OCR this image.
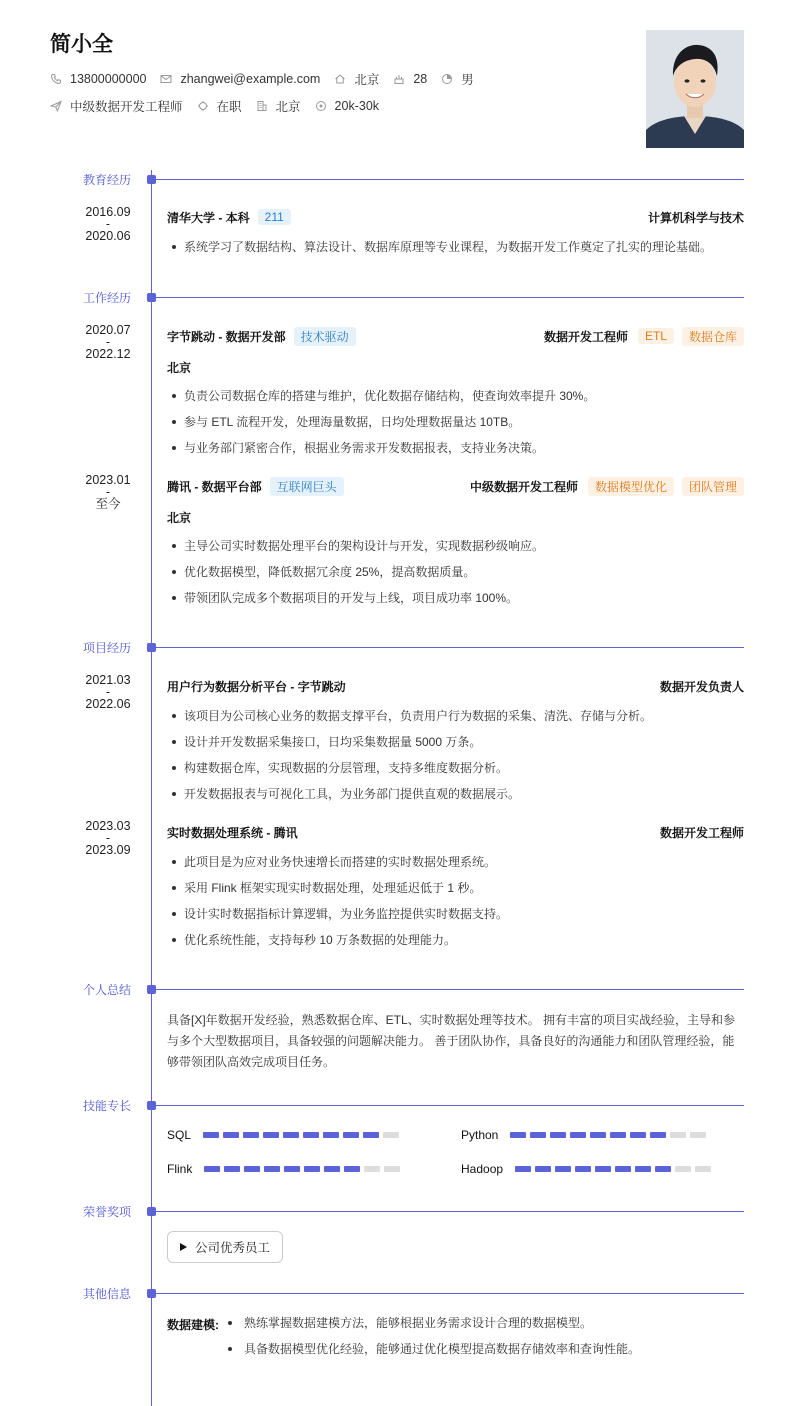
简小全
13800000000	zhangwei@example.com	北京	28	男
中级数据开发工程师	在职	北京	20k-30k
教育经历
2016.09
-
2020.06
清华大学 - 本科	211	计算机科学与技术
系统学习了数据结构、算法设计、数据库原理等专业课程，为数据开发工作奠定了扎实的理论基础。
工作经历
2020.07
-
2022.12
字节跳动 - 数据开发部	技术驱动	数据开发工程师	ETL	数据仓库
北京
负责公司数据仓库的搭建与维护，优化数据存储结构，使查询效率提升 30%。
参与 ETL 流程开发，处理海量数据，日均处理数据量达 10TB。
与业务部门紧密合作，根据业务需求开发数据报表，支持业务决策。
2023.01
-
至今
腾讯 - 数据平台部	互联网巨头	中级数据开发工程师	数据模型优化	团队管理
北京
主导公司实时数据处理平台的架构设计与开发，实现数据秒级响应。
优化数据模型，降低数据冗余度 25%，提高数据质量。
带领团队完成多个数据项目的开发与上线，项目成功率 100%。
项目经历
2021.03
-
2022.06
用户行为数据分析平台 - 字节跳动	数据开发负责人
该项目为公司核心业务的数据支撑平台，负责用户行为数据的采集、清洗、存储与分析。
设计并开发数据采集接口，日均采集数据量 5000 万条。
构建数据仓库，实现数据的分层管理，支持多维度数据分析。
开发数据报表与可视化工具，为业务部门提供直观的数据展示。
2023.03
-
2023.09
实时数据处理系统 - 腾讯	数据开发工程师
此项目是为应对业务快速增长而搭建的实时数据处理系统。
采用 Flink 框架实现实时数据处理，处理延迟低于 1 秒。
设计实时数据指标计算逻辑，为业务监控提供实时数据支持。
优化系统性能，支持每秒 10 万条数据的处理能力。
个人总结
具备[X]年数据开发经验，熟悉数据仓库、ETL、实时数据处理等技术。 拥有丰富的项目实战经验，主导和参与多个大型数据项目，具备较强的问题解决能力。 善于团队协作，具备良好的沟通能力和团队管理经验，能够带领团队高效完成项目任务。
技能专长
SQL	Python
Flink	Hadoop
荣誉奖项
公司优秀员工
其他信息
数据建模:	熟练掌握数据建模方法，能够根据业务需求设计合理的数据模型。
具备数据模型优化经验，能够通过优化模型提高数据存储效率和查询性能。
